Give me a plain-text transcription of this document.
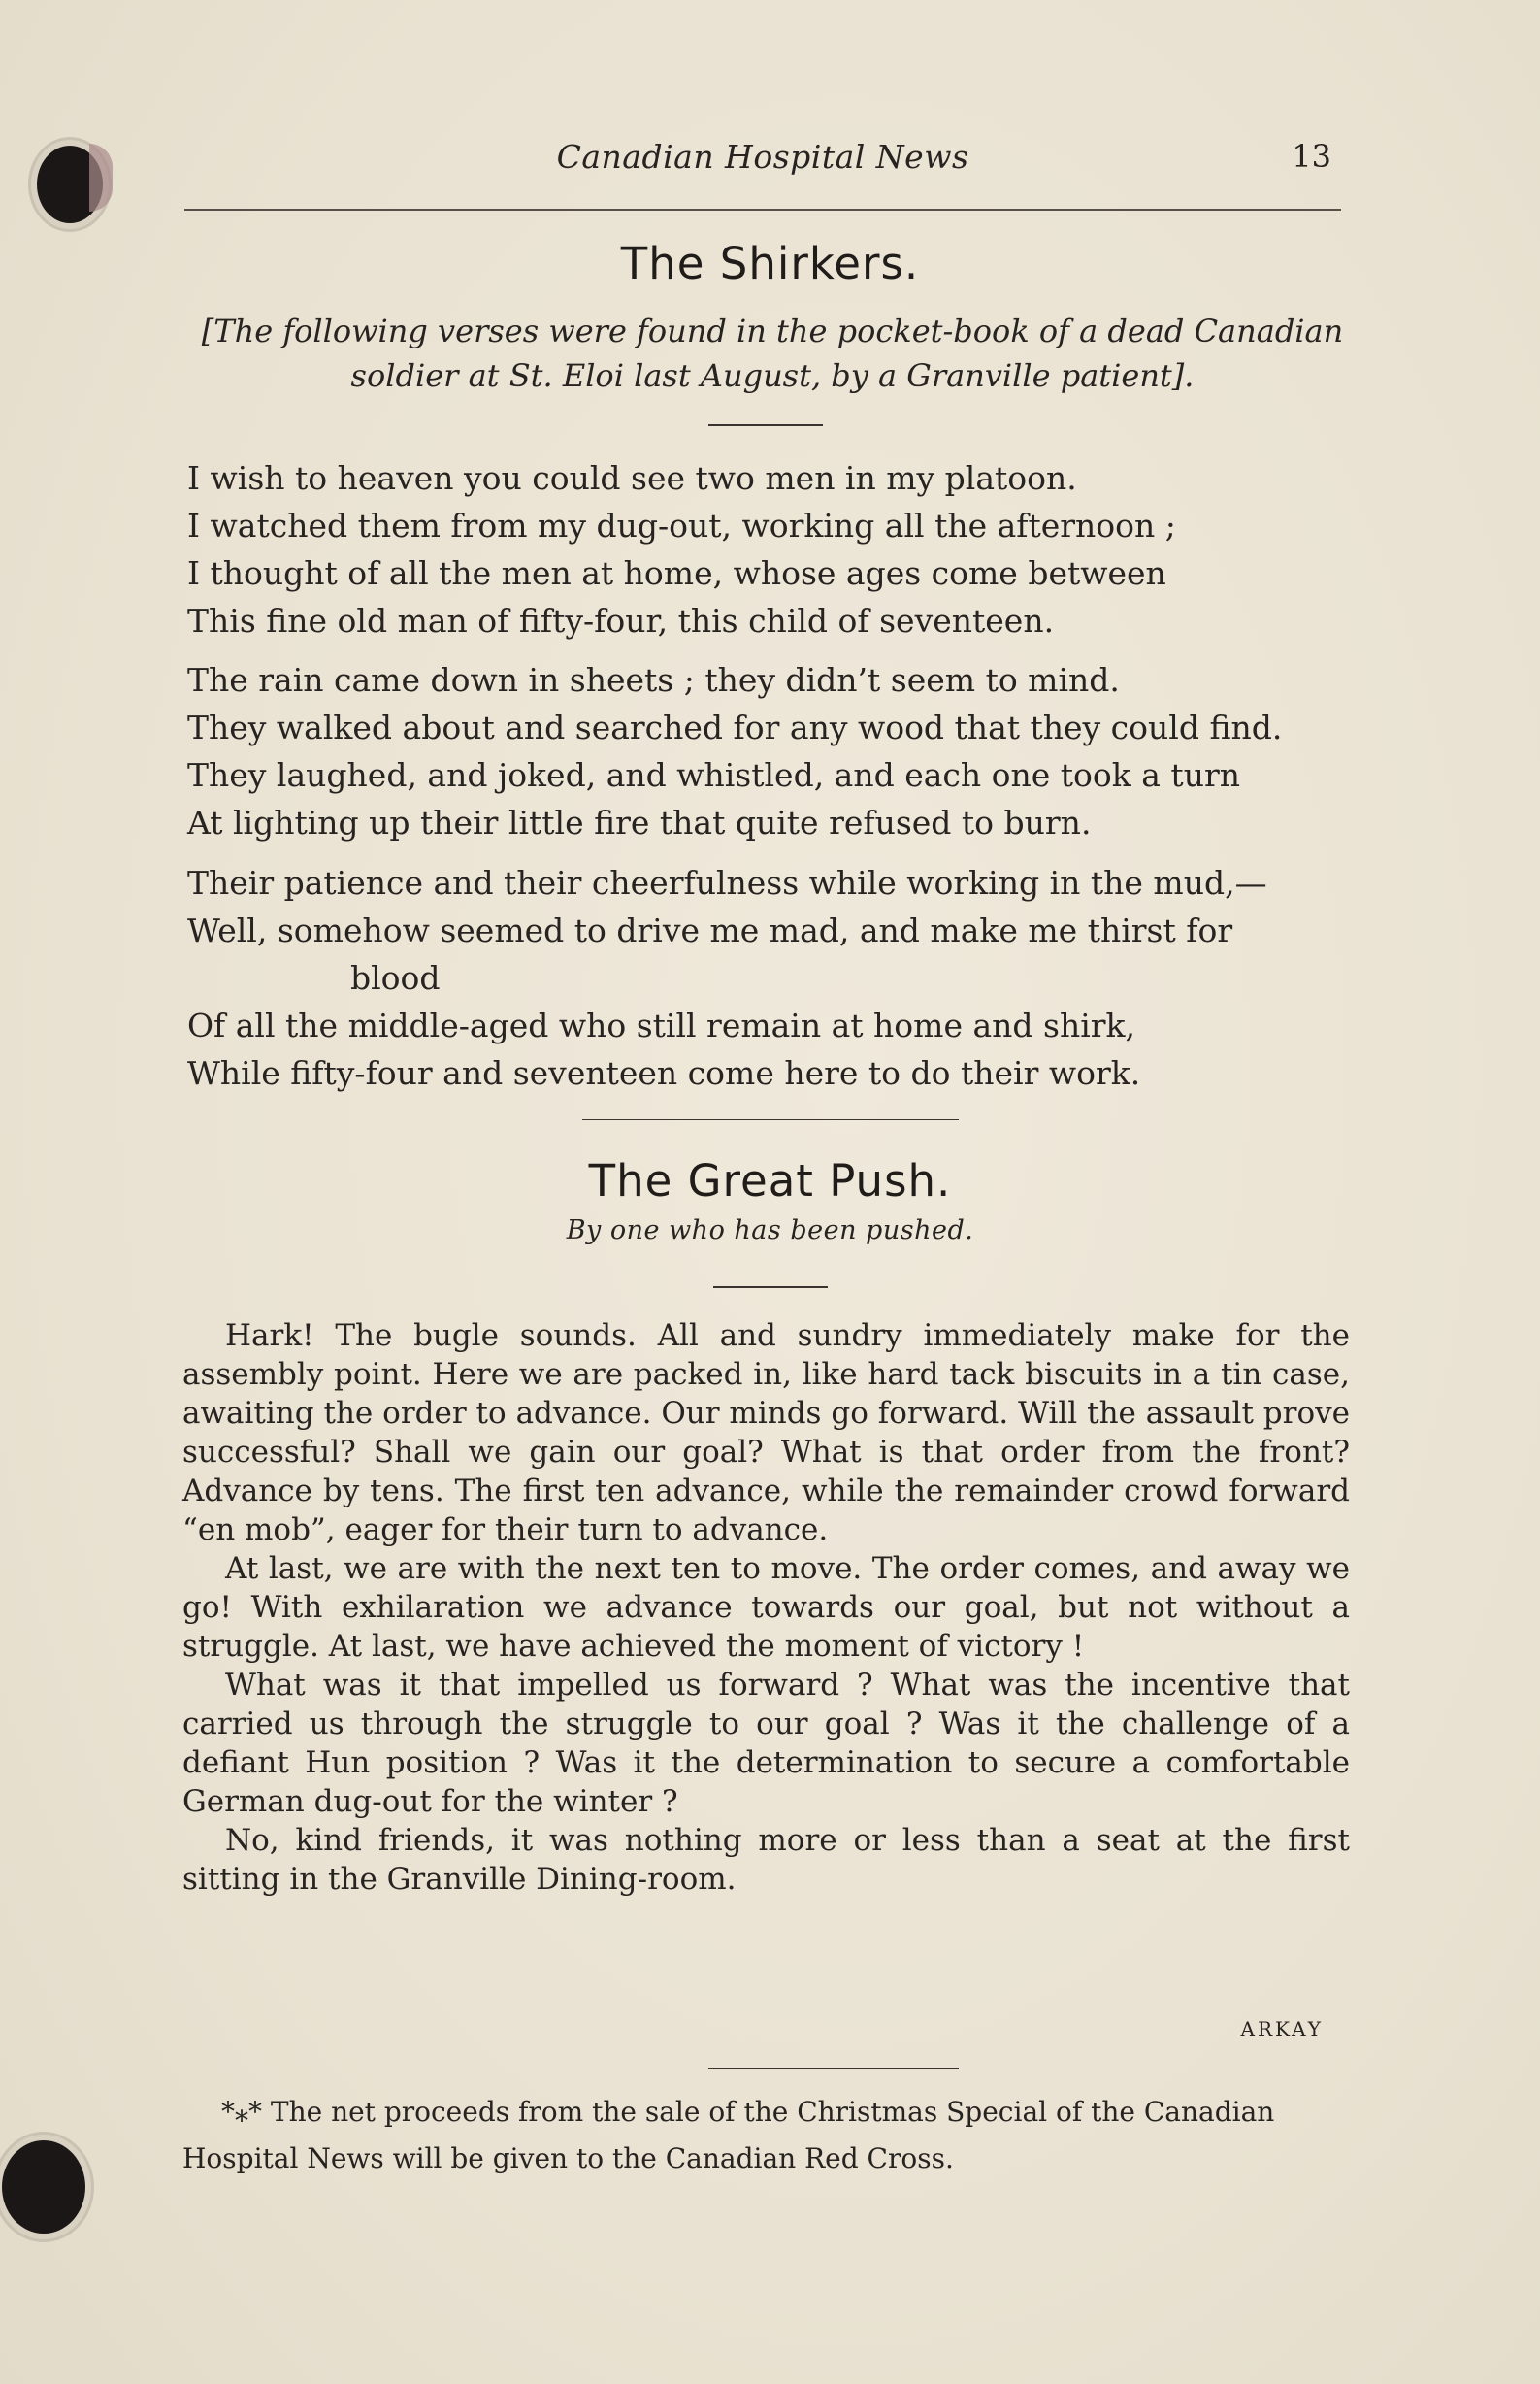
Canadian Hospital News	13
The Shirkers.
[The following verses were found in the pocket-book of a dead Canadian
soldier at St. Eloi last August, by a Granville patient].
I wish to heaven you could see two men in my platoon.
I watched them from my dug-out, working all the afternoon ;
I thought of all the men at home, whose ages come between
This fine old man of fifty-four, this child of seventeen.
The rain came down in sheets ; they didn’t seem to mind.
They walked about and searched for any wood that they could find.
They laughed, and joked, and whistled, and each one took a turn
At lighting up their little fire that quite refused to burn.
Their patience and their cheerfulness while working in the mud,—
Well, somehow seemed to drive me mad, and make me thirst for
blood
Of all the middle-aged who still remain at home and shirk,
While fifty-four and seventeen come here to do their work.
The Great Push.
By one who has been pushed.

Hark! The bugle sounds. All and sundry immediately make for the assembly point. Here we are packed in, like hard tack biscuits in a tin case, awaiting the order to advance. Our minds go forward. Will the assault prove successful? Shall we gain our goal? What is that order from the front? Advance by tens. The first ten advance, while the remainder crowd forward “en mob”, eager for their turn to advance.

At last, we are with the next ten to move. The order comes, and away we go! With exhilaration we advance towards our goal, but not without a struggle. At last, we have achieved the moment of victory !

What was it that impelled us forward ? What was the incentive that carried us through the struggle to our goal ? Was it the challenge of a defiant Hun position ? Was it the determination to secure a comfortable German dug-out for the winter ?

No, kind friends, it was nothing more or less than a seat at the first sitting in the Granville Dining-room.

ARKAY

*⁎* The net proceeds from the sale of the Christmas Special of the Canadian Hospital News will be given to the Canadian Red Cross.
